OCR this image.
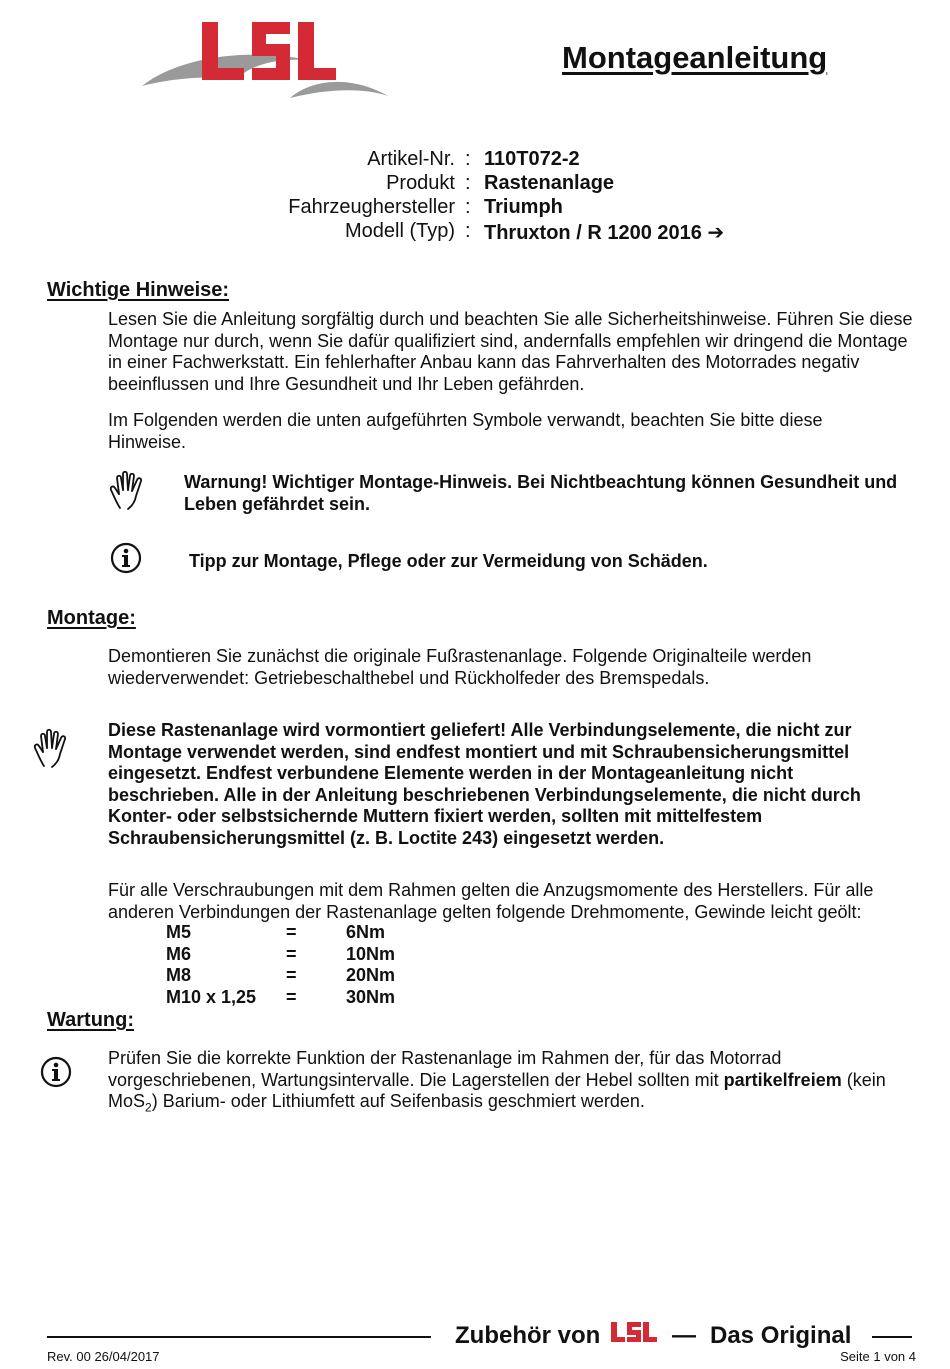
Montageanleitung
Artikel-Nr. : 110T072-2
Produkt : Rastenanlage
Fahrzeughersteller : Triumph
Modell (Typ) : Thruxton / R 1200 2016 ➔
Wichtige Hinweise:
Lesen Sie die Anleitung sorgfältig durch und beachten Sie alle Sicherheitshinweise. Führen Sie diese Montage nur durch, wenn Sie dafür qualifiziert sind, andernfalls empfehlen wir dringend die Montage in einer Fachwerkstatt. Ein fehlerhafter Anbau kann das Fahrverhalten des Motorrades negativ beeinflussen und Ihre Gesundheit und Ihr Leben gefährden.
Im Folgenden werden die unten aufgeführten Symbole verwandt, beachten Sie bitte diese Hinweise.
Warnung! Wichtiger Montage-Hinweis. Bei Nichtbeachtung können Gesundheit und Leben gefährdet sein.
Tipp zur Montage, Pflege oder zur Vermeidung von Schäden.
Montage:
Demontieren Sie zunächst die originale Fußrastenanlage. Folgende Originalteile werden wiederverwendet: Getriebeschalthebel und Rückholfeder des Bremspedals.
Diese Rastenanlage wird vormontiert geliefert! Alle Verbindungselemente, die nicht zur Montage verwendet werden, sind endfest montiert und mit Schraubensicherungsmittel eingesetzt. Endfest verbundene Elemente werden in der Montageanleitung nicht beschrieben. Alle in der Anleitung beschriebenen Verbindungselemente, die nicht durch Konter- oder selbstsichernde Muttern fixiert werden, sollten mit mittelfestem Schraubensicherungsmittel (z. B. Loctite 243) eingesetzt werden.
Für alle Verschraubungen mit dem Rahmen gelten die Anzugsmomente des Herstellers. Für alle anderen Verbindungen der Rastenanlage gelten folgende Drehmomente, Gewinde leicht geölt:
M5	=	6Nm
M6	=	10Nm
M8	=	20Nm
M10 x 1,25 =	30Nm
Wartung:
Prüfen Sie die korrekte Funktion der Rastenanlage im Rahmen der, für das Motorrad vorgeschriebenen, Wartungsintervalle. Die Lagerstellen der Hebel sollten mit partikelfreiem (kein MoS$_2$) Barium- oder Lithiumfett auf Seifenbasis geschmiert werden.
Zubehör von	— Das Original
Rev. 00 26/04/2017	Seite 1 von 4
